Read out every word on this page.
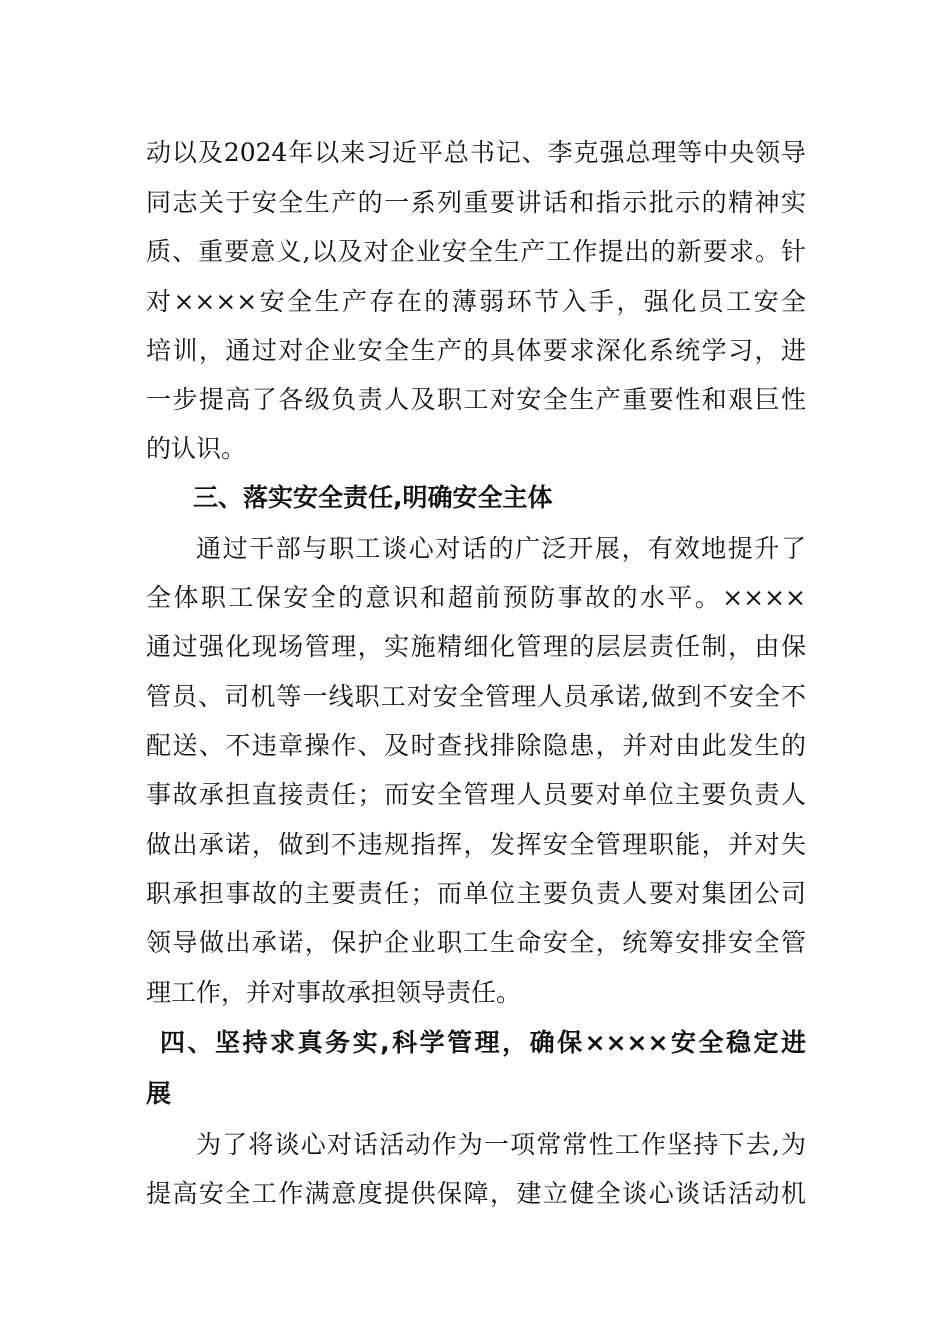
动以及2024年以来习近平总书记、李克强总理等中央领导
同志关于安全生产的一系列重要讲话和指示批示的精神实
质、重要意义,以及对企业安全生产工作提出的新要求。针
对××××安全生产存在的薄弱环节入手，强化员工安全
培训，通过对企业安全生产的具体要求深化系统学习，进
一步提高了各级负责人及职工对安全生产重要性和艰巨性
的认识。
三、落实安全责任,明确安全主体
通过干部与职工谈心对话的广泛开展，有效地提升了
全体职工保安全的意识和超前预防事故的水平。××××
通过强化现场管理，实施精细化管理的层层责任制，由保
管员、司机等一线职工对安全管理人员承诺,做到不安全不
配送、不违章操作、及时查找排除隐患，并对由此发生的
事故承担直接责任；而安全管理人员要对单位主要负责人
做出承诺，做到不违规指挥，发挥安全管理职能，并对失
职承担事故的主要责任；而单位主要负责人要对集团公司
领导做出承诺，保护企业职工生命安全，统筹安排安全管
理工作，并对事故承担领导责任。
四、坚持求真务实,科学管理，确保××××安全稳定进
展
为了将谈心对话活动作为一项常常性工作坚持下去,为
提高安全工作满意度提供保障，建立健全谈心谈话活动机
